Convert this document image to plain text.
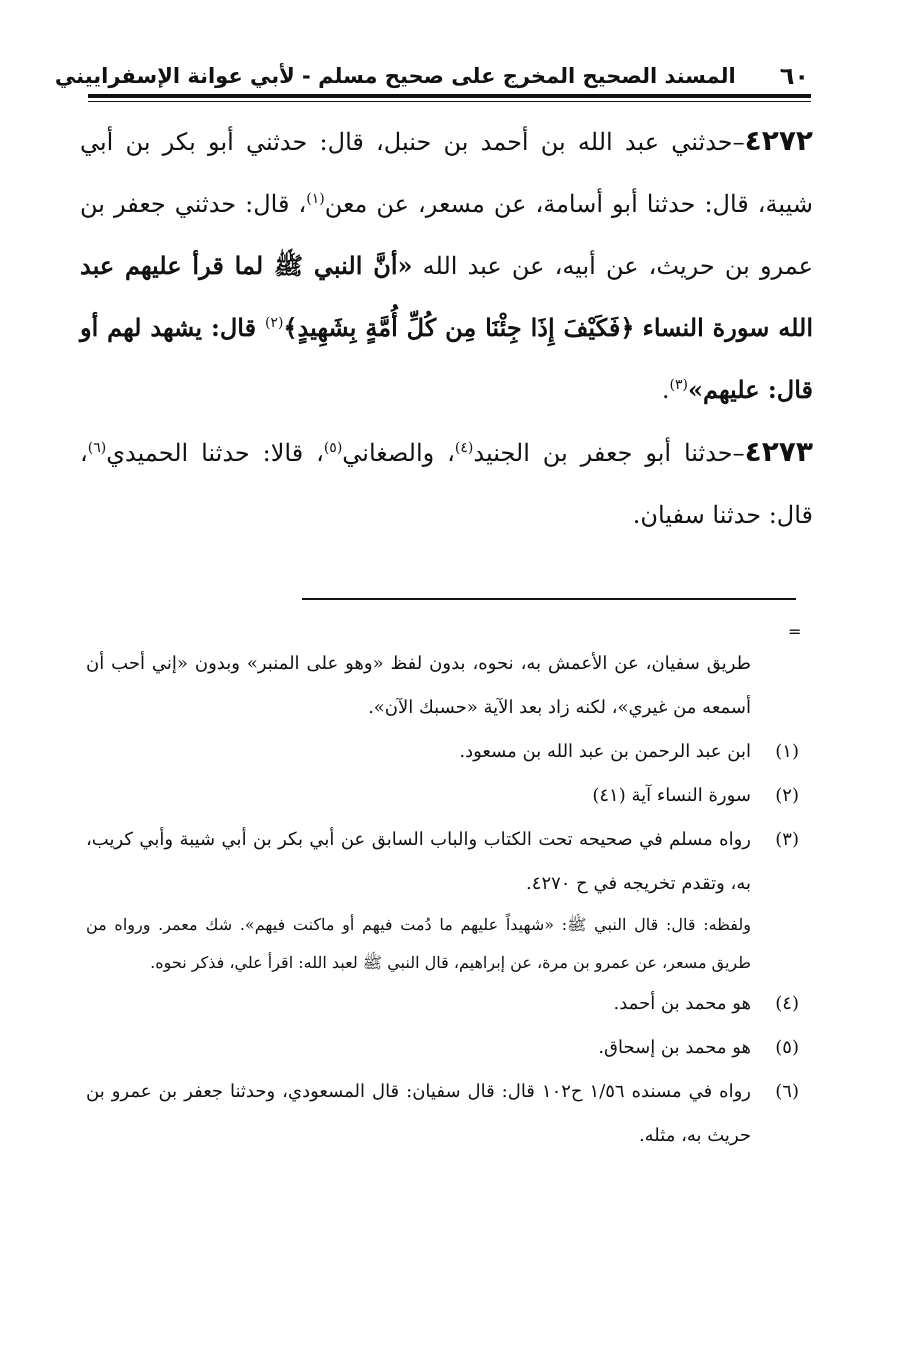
٦٠
المسند الصحيح المخرج على صحيح مسلم - لأبي عوانة الإسفراييني

٤٢٧٢–حدثني عبد الله بن أحمد بن حنبل، قال: حدثني أبو بكر بن أبي شيبة، قال: حدثنا أبو أسامة، عن مسعر، عن معن$^{(١)}$، قال: حدثني جعفر بن عمرو بن حريث، عن أبيه، عن عبد الله «أنَّ النبي ﷺ لما قرأ عليهم عبد الله سورة النساء ﴿فَكَيْفَ إِذَا جِئْنَا مِن كُلِّ أُمَّةٍ بِشَهِيدٍ﴾$^{(٢)}$ قال: يشهد لهم أو قال: عليهم»$^{(٣)}$.

٤٢٧٣–حدثنا أبو جعفر بن الجنيد$^{(٤)}$، والصغاني$^{(٥)}$، قالا: حدثنا الحميدي$^{(٦)}$، قال: حدثنا سفيان.

=

طريق سفيان، عن الأعمش به، نحوه، بدون لفظ «وهو على المنبر» وبدون «إني أحب أن أسمعه من غيري»، لكنه زاد بعد الآية «حسبك الآن».

(١)
ابن عبد الرحمن بن عبد الله بن مسعود.

(٢)
سورة النساء آية (٤١)

(٣)
رواه مسلم في صحيحه تحت الكتاب والباب السابق عن أبي بكر بن أبي شيبة وأبي كريب، به، وتقدم تخريجه في ح ٤٢٧٠.

ولفظه: قال: قال النبي ﷺ: «شهيداً عليهم ما دُمت فيهم أو ماكنت فيهم». شك معمر. ورواه من طريق مسعر، عن عمرو بن مرة، عن إبراهيم، قال النبي ﷺ لعبد الله: اقرأ علي، فذكر نحوه.

(٤)
هو محمد بن أحمد.

(٥)
هو محمد بن إسحاق.

(٦)
رواه في مسنده ١/٥٦ ح١٠٢ قال: قال سفيان: قال المسعودي، وحدثنا جعفر بن عمرو بن حريث به، مثله.
